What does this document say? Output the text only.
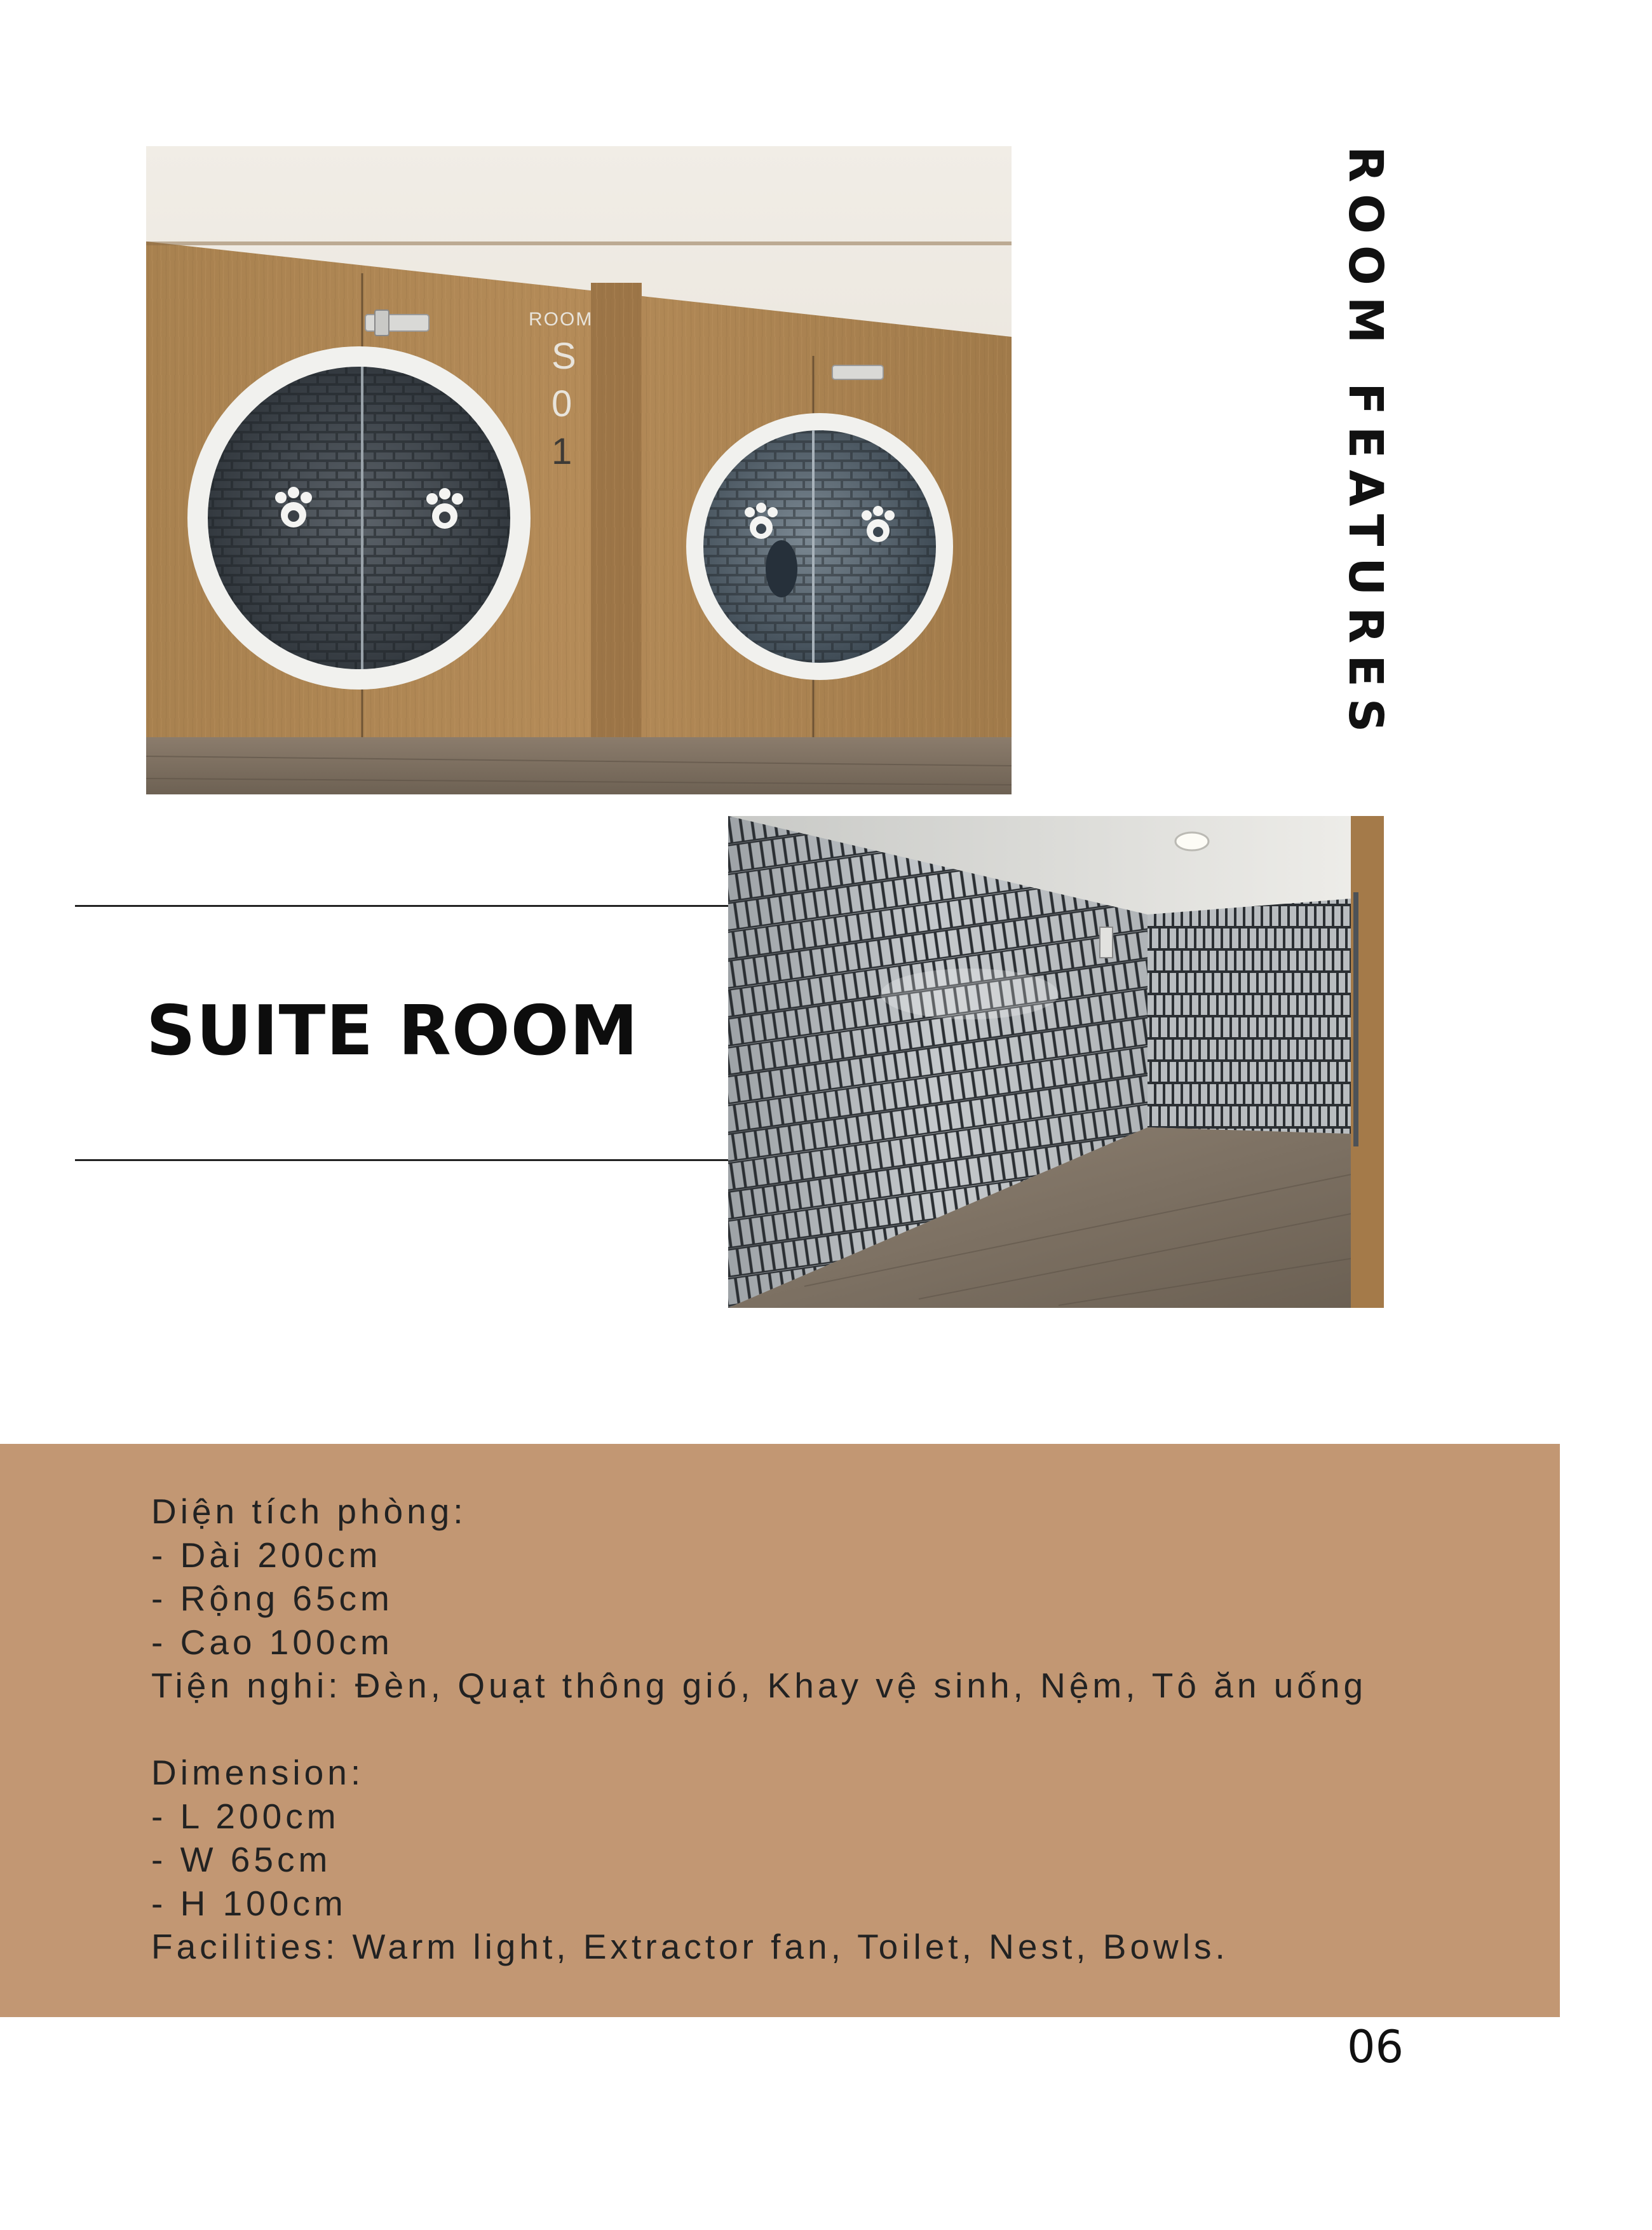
ROOM
S
0
1	ROOM FEATURES
SUITE ROOM
Diện tích phòng:
- Dài 200cm
- Rộng 65cm
- Cao 100cm
Tiện nghi: Đèn, Quạt thông gió, Khay vệ sinh, Nệm, Tô ăn uống
Dimension:
- L 200cm
- W 65cm
- H 100cm
Facilities: Warm light, Extractor fan, Toilet, Nest, Bowls.
06
